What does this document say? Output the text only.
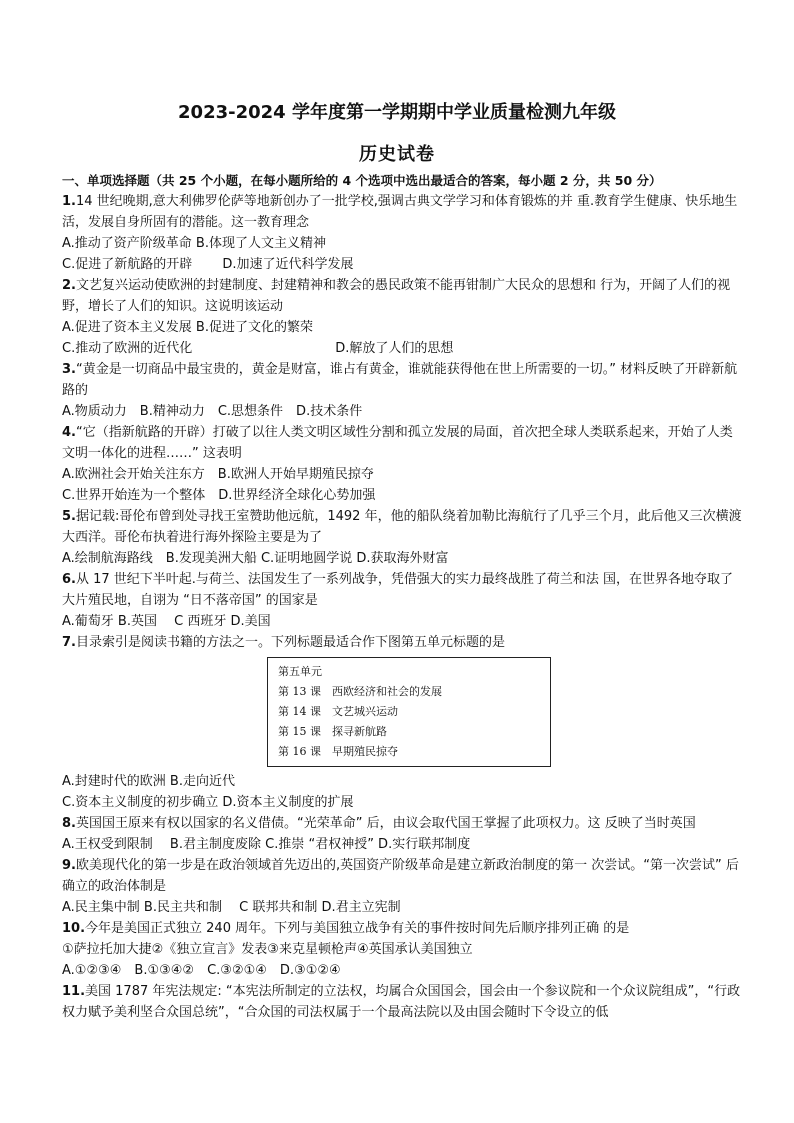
2023-2024 学年度第一学期期中学业质量检测九年级
历史试卷

一、单项选择题（共 25 个小题，在每小题所给的 4 个选项中选出最适合的答案，每小题 2 分，共 50 分）

1.14 世纪晚期,意大利佛罗伦萨等地新创办了一批学校,强调古典文学学习和体育锻炼的并 重.教育学生健康、快乐地生活，发展自身所固有的潜能。这一教育理念

A.推动了资产阶级革命 B.体现了人文主义精神

C.促进了新航路的开辟　　 D.加速了近代科学发展

2.文艺复兴运动使欧洲的封建制度、封建精神和教会的愚民政策不能再钳制广大民众的思想和 行为，开阔了人们的视野，增长了人们的知识。这说明该运动

A.促进了资本主义发展 B.促进了文化的繁荣

C.推动了欧洲的近代化　　　　　　　　　　　D.解放了人们的思想

3.“黄金是一切商品中最宝贵的，黄金是财富，谁占有黄金，谁就能获得他在世上所需要的一切。” 材料反映了开辟新航路的

A.物质动力　B.精神动力　C.思想条件　D.技术条件

4.“它（指新航路的开辟）打破了以往人类文明区域性分割和孤立发展的局面，首次把全球人类联系起来，开始了人类文明一体化的进程……” 这表明

A.欧洲社会开始关注东方　B.欧洲人开始早期殖民掠夺

C.世界开始连为一个整体　D.世界经济全球化心势加强

5.据记载:哥伦布曾到处寻找王室赞助他远航，1492 年，他的船队绕着加勒比海航行了几乎三个月，此后他又三次横渡大西洋。哥伦布执着进行海外探险主要是为了

A.绘制航海路线　B.发现美洲大船 C.证明地圆学说 D.获取海外财富

6.从 17 世纪下半叶起.与荷兰、法国发生了一系列战争，凭借强大的实力最终战胜了荷兰和法 国，在世界各地夺取了大片殖民地，自诩为 “日不落帝国” 的国家是

A.葡萄牙 B.英国　 C 西班牙 D.美国

7.目录索引是阅读书籍的方法之一。下列标题最适合作下图第五单元标题的是

第五单元
第 13 课　西欧经济和社会的发展
第 14 课　文艺城兴运动
第 15 课　探寻新航路
第 16 课　早期殖民掠夺

A.封建时代的欧洲 B.走向近代

C.资本主义制度的初步确立 D.资本主义制度的扩展

8.英国国王原来有权以国家的名义借债。“光荣革命” 后，由议会取代国王掌握了此项权力。这 反映了当时英国

A.王权受到限制　 B.君主制度废除 C.推崇 “君权神授” D.实行联邦制度

9.欧美现代化的第一步是在政治领域首先迈出的,英国资产阶级革命是建立新政治制度的第一 次尝试。“第一次尝试” 后确立的政治体制是

A.民主集中制 B.民主共和制　 C 联邦共和制 D.君主立宪制

10.今年是美国正式独立 240 周年。下列与美国独立战争有关的事件按时间先后顺序排列正确 的是

①萨拉托加大捷②《独立宣言》发表③来克星顿枪声④英国承认美国独立

A.①②③④　B.①③④②　C.③②①④　D.③①②④

11.美国 1787 年宪法规定: “本宪法所制定的立法权，均属合众国国会，国会由一个参议院和一个众议院组成”，“行政权力赋予美利坚合众国总统”，“合众国的司法权属于一个最高法院以及由国会随时下令设立的低
